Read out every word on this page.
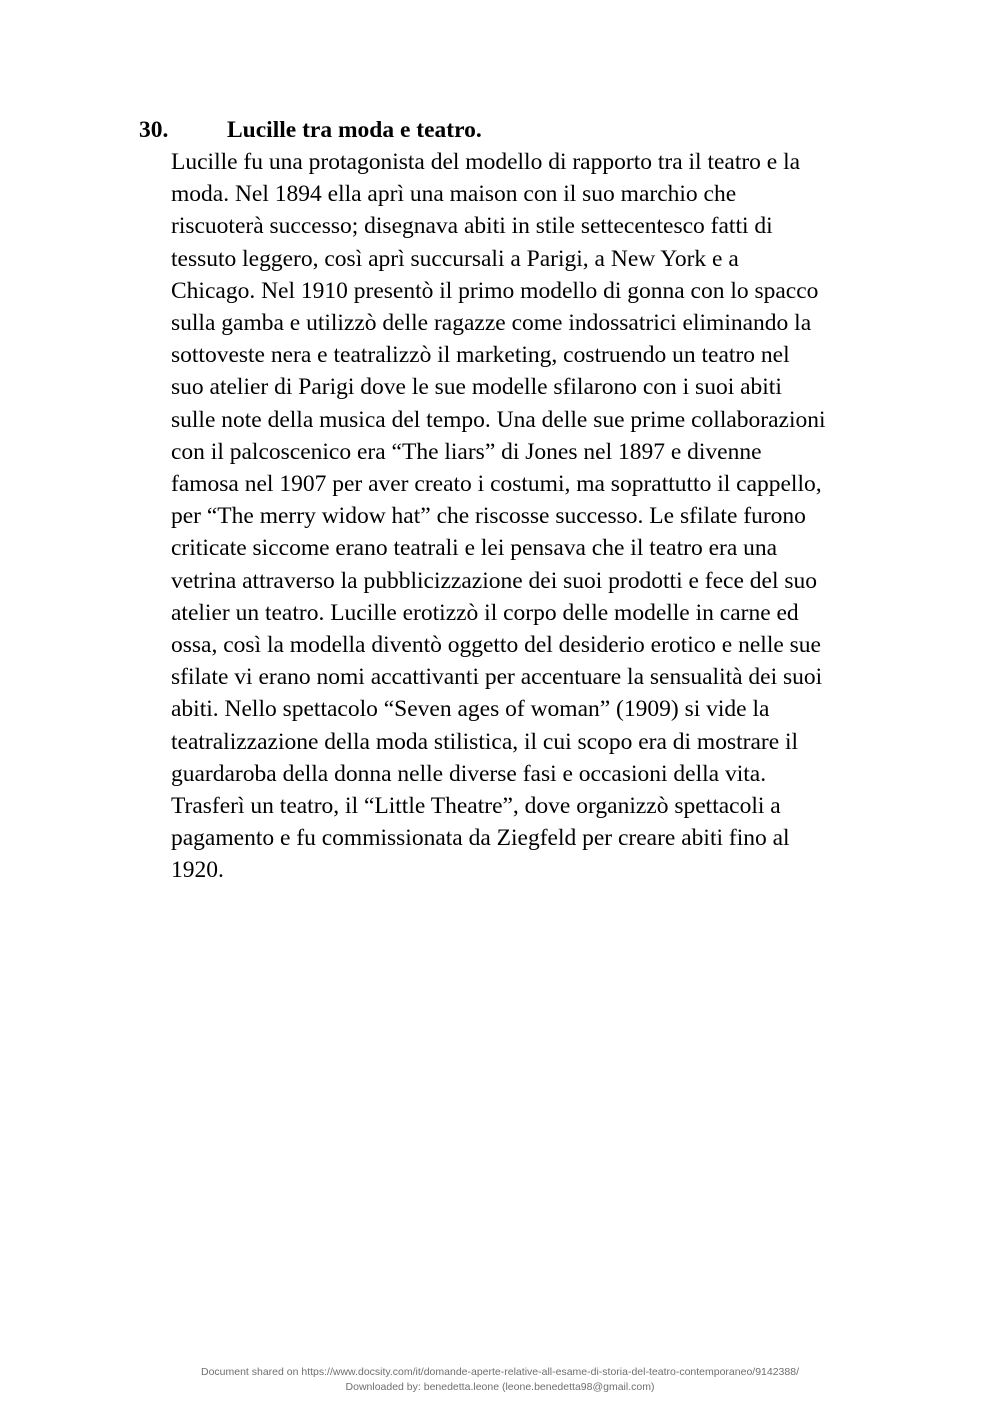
30. Lucille tra moda e teatro.
Lucille fu una protagonista del modello di rapporto tra il teatro e la
moda. Nel 1894 ella aprì una maison con il suo marchio che
riscuoterà successo; disegnava abiti in stile settecentesco fatti di
tessuto leggero, così aprì succursali a Parigi, a New York e a
Chicago. Nel 1910 presentò il primo modello di gonna con lo spacco
sulla gamba e utilizzò delle ragazze come indossatrici eliminando la
sottoveste nera e teatralizzò il marketing, costruendo un teatro nel
suo atelier di Parigi dove le sue modelle sfilarono con i suoi abiti
sulle note della musica del tempo. Una delle sue prime collaborazioni
con il palcoscenico era “The liars” di Jones nel 1897 e divenne
famosa nel 1907 per aver creato i costumi, ma soprattutto il cappello,
per “The merry widow hat” che riscosse successo. Le sfilate furono
criticate siccome erano teatrali e lei pensava che il teatro era una
vetrina attraverso la pubblicizzazione dei suoi prodotti e fece del suo
atelier un teatro. Lucille erotizzò il corpo delle modelle in carne ed
ossa, così la modella diventò oggetto del desiderio erotico e nelle sue
sfilate vi erano nomi accattivanti per accentuare la sensualità dei suoi
abiti. Nello spettacolo “Seven ages of woman” (1909) si vide la
teatralizzazione della moda stilistica, il cui scopo era di mostrare il
guardaroba della donna nelle diverse fasi e occasioni della vita.
Trasferì un teatro, il “Little Theatre”, dove organizzò spettacoli a
pagamento e fu commissionata da Ziegfeld per creare abiti fino al
1920.
Document shared on https://www.docsity.com/it/domande-aperte-relative-all-esame-di-storia-del-teatro-contemporaneo/9142388/
Downloaded by: benedetta.leone (leone.benedetta98@gmail.com)
